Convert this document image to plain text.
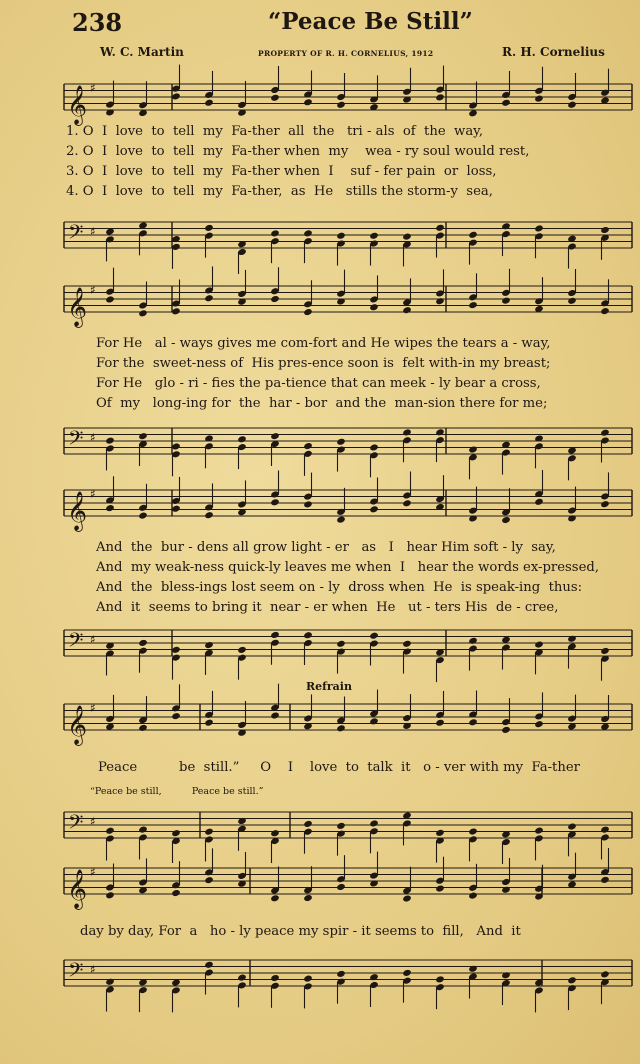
238	“Peace Be Still”
W. C. Martin	PROPERTY OF R. H. CORNELIUS, 1912	R. H. Cornelius
𝄞 ♯
𝄢 ♯
𝄞 ♯
𝄢 ♯
𝄞 ♯
𝄢 ♯
𝄞 ♯
𝄢 ♯
𝄞 ♯
𝄢 ♯
1. O  I  love  to  tell  my  Fa-ther  all  the   tri - als  of  the  way,
2. O  I  love  to  tell  my  Fa-ther when  my    wea - ry soul would rest,
3. O  I  love  to  tell  my  Fa-ther when  I    suf - fer pain  or  loss,
4. O  I  love  to  tell  my  Fa-ther,  as  He   stills the storm-y  sea,
For He   al - ways gives me com-fort and He wipes the tears a - way,
For the  sweet-ness of  His pres-ence soon is  felt with-in my breast;
For He   glo - ri - fies the pa-tience that can meek - ly bear a cross,
Of  my   long-ing for  the  har - bor  and the  man-sion there for me;
And  the  bur - dens all grow light - er   as   I   hear Him soft - ly  say,
And  my weak-ness quick-ly leaves me when  I   hear the words ex-pressed,
And  the  bless-ings lost seem on - ly  dross when  He  is speak-ing  thus:
And  it  seems to bring it  near - er when  He   ut - ters His  de - cree,
Refrain
Peace          be  still.”     O    I    love  to  talk  it   o - ver with my  Fa-ther
“Peace be still,          Peace be still.”
day by day, For  a   ho - ly peace my spir - it seems to  fill,   And  it
